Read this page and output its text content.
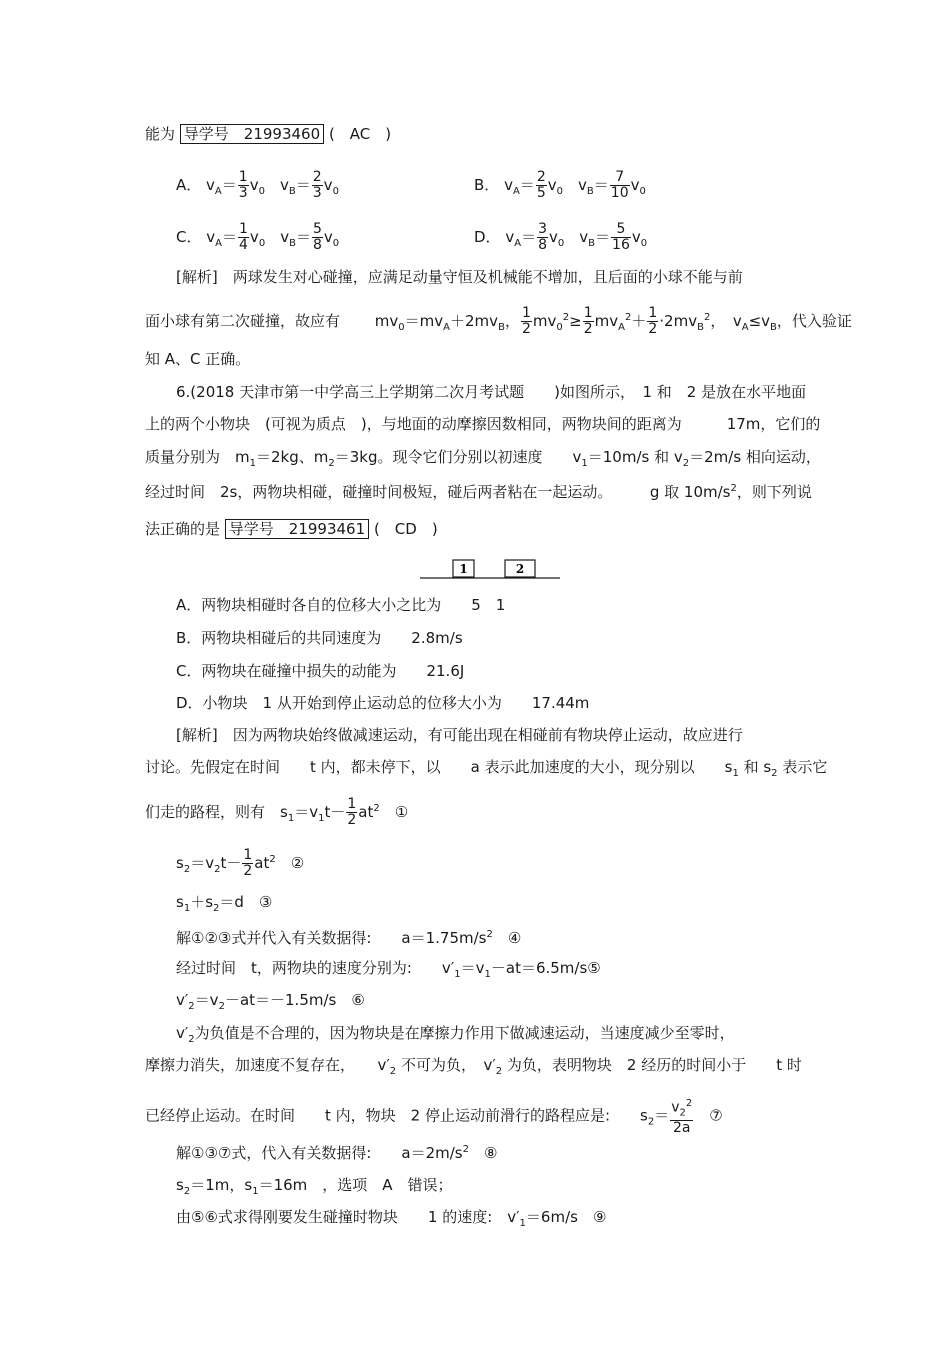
能为 导学号　21993460 (　AC　)
A． $v_A= \frac{1}{3} v_0$　$v_B= \frac{2}{3} v_0$	B． $v_A= \frac{2}{5} v_0$　$v_B= \frac{7}{10} v_0$
C． $v_A= \frac{1}{4} v_0$　$v_B= \frac{5}{8} v_0$	D． $v_A= \frac{3}{8} v_0$　$v_B= \frac{5}{16} v_0$
[解析]　两球发生对心碰撞，应满足动量守恒及机械能不增加，且后面的小球不能与前
面小球有第二次碰撞，故应有　　 $mv_0=mv_A+2mv_B$， $\frac{1}{2} mv_0^2\ge \frac{1}{2} mv_A^2+ \frac{1}{2} \cdot 2mv_B^2$，　$v_A\le v_B$，代入验证
知 A、C 正确。
6.(2018 天津市第一中学高三上学期第二次月考试题　　)如图所示，　1 和　2 是放在水平地面
上的两个小物块　(可视为质点　)，与地面的动摩擦因数相同，两物块间的距离为　　　17m，它们的
质量分别为　$m_1=2kg$、$m_2=3kg$。现令它们分别以初速度　　$v_1=10m/s$ 和 $v_2=2m/s$ 相向运动，
经过时间　2s，两物块相碰，碰撞时间极短，碰后两者粘在一起运动。　　　g 取 $10m/s^2$，则下列说
法正确的是 导学号　21993461 (　CD　)
1	2
A．两物块相碰时各自的位移大小之比为　　5　1
B．两物块相碰后的共同速度为　　2.8m/s
C．两物块在碰撞中损失的动能为　　21.6J
D．小物块　1 从开始到停止运动总的位移大小为　　17.44m
[解析]　因为两物块始终做减速运动，有可能出现在相碰前有物块停止运动，故应进行
讨论。先假定在时间　　t 内，都未停下，以　　a 表示此加速度的大小，现分别以　　$s_1$ 和 $s_2$ 表示它
们走的路程，则有　$s_1=v_1t- \frac{1}{2} at^2$　①
$s_2=v_2t- \frac{1}{2} at^2$　②
$s_1+s_2=d$　③
解①②③式并代入有关数据得:　　$a=1.75m/s^2$　④
经过时间　t，两物块的速度分别为:　　$v'_1=v_1-at=6.5m/s⑤$
$v'_2=v_2-at=-1.5m/s$　⑥
$v'_2$为负值是不合理的，因为物块是在摩擦力作用下做减速运动，当速度减少至零时，
摩擦力消失，加速度不复存在，　　$v'_2$ 不可为负，　$v'_2$ 为负，表明物块　2 经历的时间小于　　t 时
已经停止运动。在时间　　t 内，物块　2 停止运动前滑行的路程应是:　　$s_2= \frac{v_2^2}{2a}$ 　⑦
解①③⑦式，代入有关数据得:　　$a=2m/s^2$　⑧
$s_2=1m$，$s_1=16m$　，选项　A　错误；
由⑤⑥式求得刚要发生碰撞时物块　　1 的速度:　$v'_1=6m/s$　⑨
